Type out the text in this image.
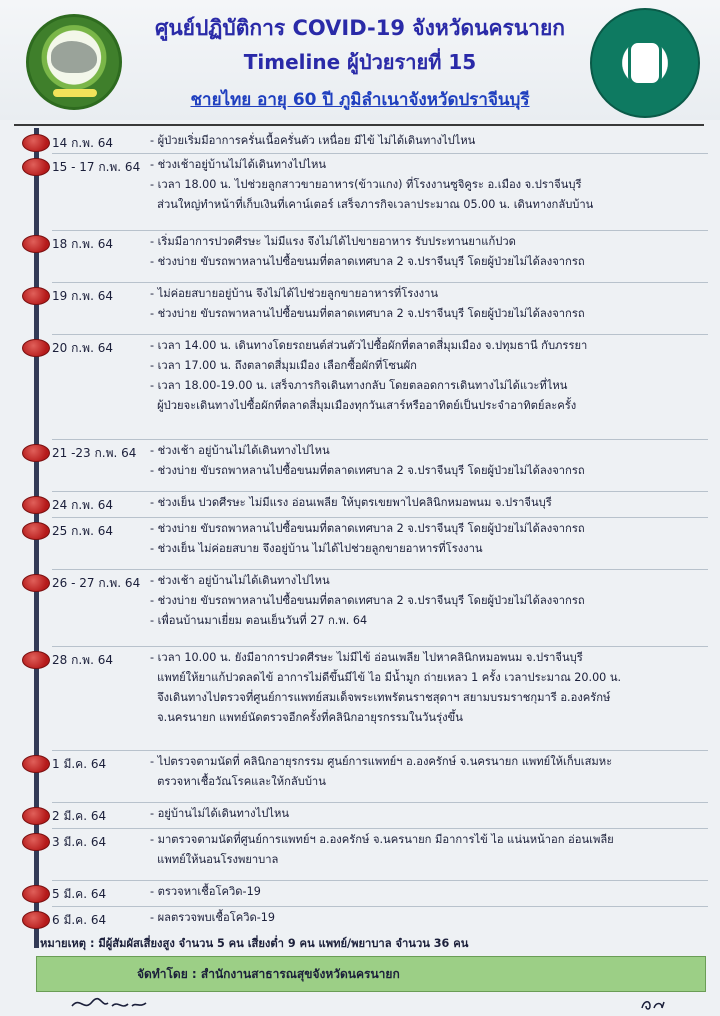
ศูนย์ปฏิบัติการ COVID-19 จังหวัดนครนายก
Timeline ผู้ป่วยรายที่ 15
ชายไทย อายุ 60 ปี ภูมิลำเนาจังหวัดปราจีนบุรี
14 ก.พ. 64	- ผู้ป่วยเริ่มมีอาการครั่นเนื้อครั่นตัว เหนื่อย มีไข้ ไม่ได้เดินทางไปไหน
15 - 17 ก.พ. 64 - ช่วงเช้าอยู่บ้านไม่ได้เดินทางไปไหน
- เวลา 18.00 น. ไปช่วยลูกสาวขายอาหาร(ข้าวแกง) ที่โรงงานซูจิคูระ อ.เมือง จ.ปราจีนบุรี
ส่วนใหญ่ทำหน้าที่เก็บเงินที่เคาน์เตอร์ เสร็จภารกิจเวลาประมาณ 05.00 น. เดินทางกลับบ้าน
18 ก.พ. 64	- เริ่มมีอาการปวดศีรษะ ไม่มีแรง จึงไม่ได้ไปขายอาหาร รับประทานยาแก้ปวด
- ช่วงบ่าย ขับรถพาหลานไปซื้อขนมที่ตลาดเทศบาล 2 จ.ปราจีนบุรี โดยผู้ป่วยไม่ได้ลงจากรถ
19 ก.พ. 64	- ไม่ค่อยสบายอยู่บ้าน จึงไม่ได้ไปช่วยลูกขายอาหารที่โรงงาน
- ช่วงบ่าย ขับรถพาหลานไปซื้อขนมที่ตลาดเทศบาล 2 จ.ปราจีนบุรี โดยผู้ป่วยไม่ได้ลงจากรถ
20 ก.พ. 64	- เวลา 14.00 น. เดินทางโดยรถยนต์ส่วนตัวไปซื้อผักที่ตลาดสี่มุมเมือง จ.ปทุมธานี กับภรรยา
- เวลา 17.00 น. ถึงตลาดสี่มุมเมือง เลือกซื้อผักที่โซนผัก
- เวลา 18.00-19.00 น. เสร็จภารกิจเดินทางกลับ โดยตลอดการเดินทางไม่ได้แวะที่ไหน
ผู้ป่วยจะเดินทางไปซื้อผักที่ตลาดสี่มุมเมืองทุกวันเสาร์หรืออาทิตย์เป็นประจำอาทิตย์ละครั้ง
21 -23 ก.พ. 64 - ช่วงเช้า อยู่บ้านไม่ได้เดินทางไปไหน
- ช่วงบ่าย ขับรถพาหลานไปซื้อขนมที่ตลาดเทศบาล 2 จ.ปราจีนบุรี โดยผู้ป่วยไม่ได้ลงจากรถ
24 ก.พ. 64	- ช่วงเย็น ปวดศีรษะ ไม่มีแรง อ่อนเพลีย ให้บุตรเขยพาไปคลินิกหมอพนม จ.ปราจีนบุรี
25 ก.พ. 64	- ช่วงบ่าย ขับรถพาหลานไปซื้อขนมที่ตลาดเทศบาล 2 จ.ปราจีนบุรี โดยผู้ป่วยไม่ได้ลงจากรถ
- ช่วงเย็น ไม่ค่อยสบาย จึงอยู่บ้าน ไม่ได้ไปช่วยลูกขายอาหารที่โรงงาน
26 - 27 ก.พ. 64 - ช่วงเช้า อยู่บ้านไม่ได้เดินทางไปไหน
- ช่วงบ่าย ขับรถพาหลานไปซื้อขนมที่ตลาดเทศบาล 2 จ.ปราจีนบุรี โดยผู้ป่วยไม่ได้ลงจากรถ
- เพื่อนบ้านมาเยี่ยม ตอนเย็นวันที่ 27 ก.พ. 64
28 ก.พ. 64	- เวลา 10.00 น. ยังมีอาการปวดศีรษะ ไม่มีไข้ อ่อนเพลีย ไปหาคลินิกหมอพนม จ.ปราจีนบุรี
แพทย์ให้ยาแก้ปวดลดไข้ อาการไม่ดีขึ้นมีไข้ ไอ มีน้ำมูก ถ่ายเหลว 1 ครั้ง เวลาประมาณ 20.00 น.
จึงเดินทางไปตรวจที่ศูนย์การแพทย์สมเด็จพระเทพรัตนราชสุดาฯ สยามบรมราชกุมารี อ.องครักษ์
จ.นครนายก แพทย์นัดตรวจอีกครั้งที่คลินิกอายุรกรรมในวันรุ่งขึ้น
1 มี.ค. 64	- ไปตรวจตามนัดที่ คลินิกอายุรกรรม ศูนย์การแพทย์ฯ อ.องครักษ์ จ.นครนายก แพทย์ให้เก็บเสมหะ
ตรวจหาเชื้อวัณโรคและให้กลับบ้าน
2 มี.ค. 64	- อยู่บ้านไม่ได้เดินทางไปไหน
3 มี.ค. 64	- มาตรวจตามนัดที่ศูนย์การแพทย์ฯ อ.องครักษ์ จ.นครนายก มีอาการไข้ ไอ แน่นหน้าอก อ่อนเพลีย
แพทย์ให้นอนโรงพยาบาล
5 มี.ค. 64	- ตรวจหาเชื้อโควิด-19
6 มี.ค. 64	- ผลตรวจพบเชื้อโควิด-19
หมายเหตุ : มีผู้สัมผัสเสี่ยงสูง จำนวน 5 คน เสี่ยงต่ำ 9 คน แพทย์/พยาบาล จำนวน 36 คน
จัดทำโดย : สำนักงานสาธารณสุขจังหวัดนครนายก
